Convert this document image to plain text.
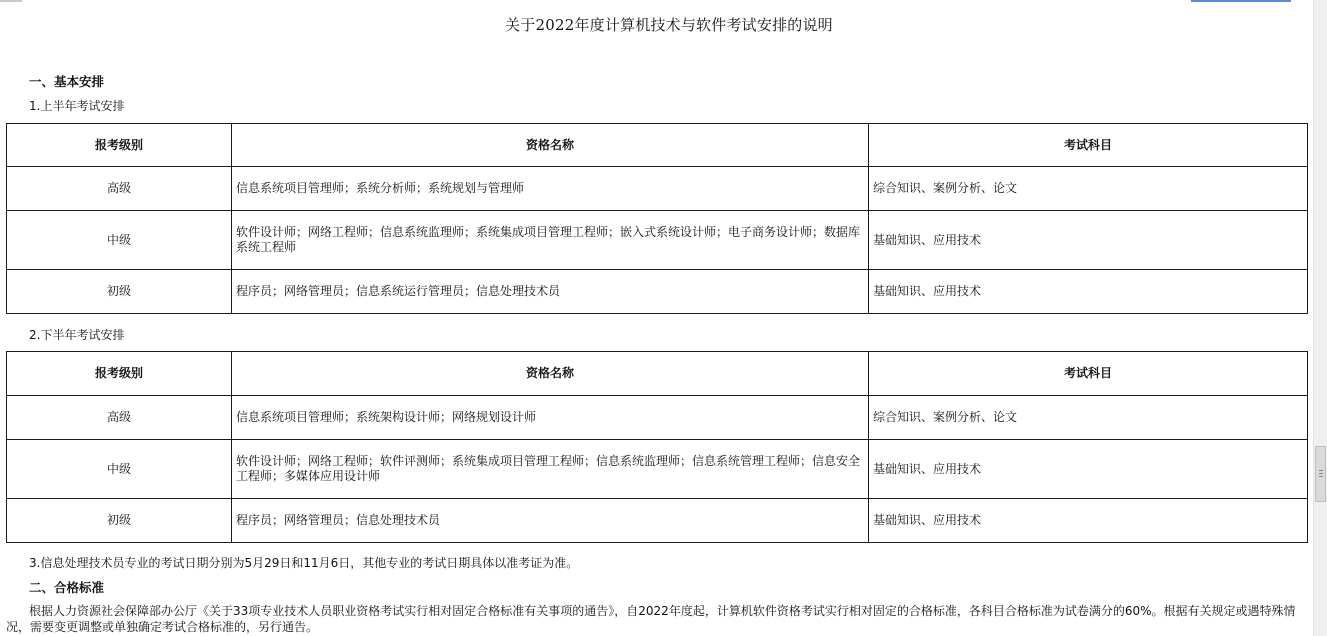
关于2022年度计算机技术与软件考试安排的说明
一、基本安排
1.上半年考试安排
报考级别	资格名称	考试科目
高级	信息系统项目管理师；系统分析师；系统规划与管理师	综合知识、案例分析、论文
中级	软件设计师；网络工程师；信息系统监理师；系统集成项目管理工程师；嵌入式系统设计师；电子商务设计师；数据库系统工程师	基础知识、应用技术
初级	程序员；网络管理员；信息系统运行管理员；信息处理技术员	基础知识、应用技术
2.下半年考试安排
报考级别	资格名称	考试科目
高级	信息系统项目管理师；系统架构设计师；网络规划设计师	综合知识、案例分析、论文
中级	软件设计师；网络工程师；软件评测师；系统集成项目管理工程师；信息系统监理师；信息系统管理工程师；信息安全工程师；多媒体应用设计师	基础知识、应用技术
初级	程序员；网络管理员；信息处理技术员	基础知识、应用技术
3.信息处理技术员专业的考试日期分别为5月29日和11月6日，其他专业的考试日期具体以准考证为准。
二、合格标准
根据人力资源社会保障部办公厅《关于33项专业技术人员职业资格考试实行相对固定合格标准有关事项的通告》，自2022年度起，计算机软件资格考试实行相对固定的合格标准，各科目合格标准为试卷满分的60%。根据有关规定或遇特殊情况，需要变更调整或单独确定考试合格标准的，另行通告。
